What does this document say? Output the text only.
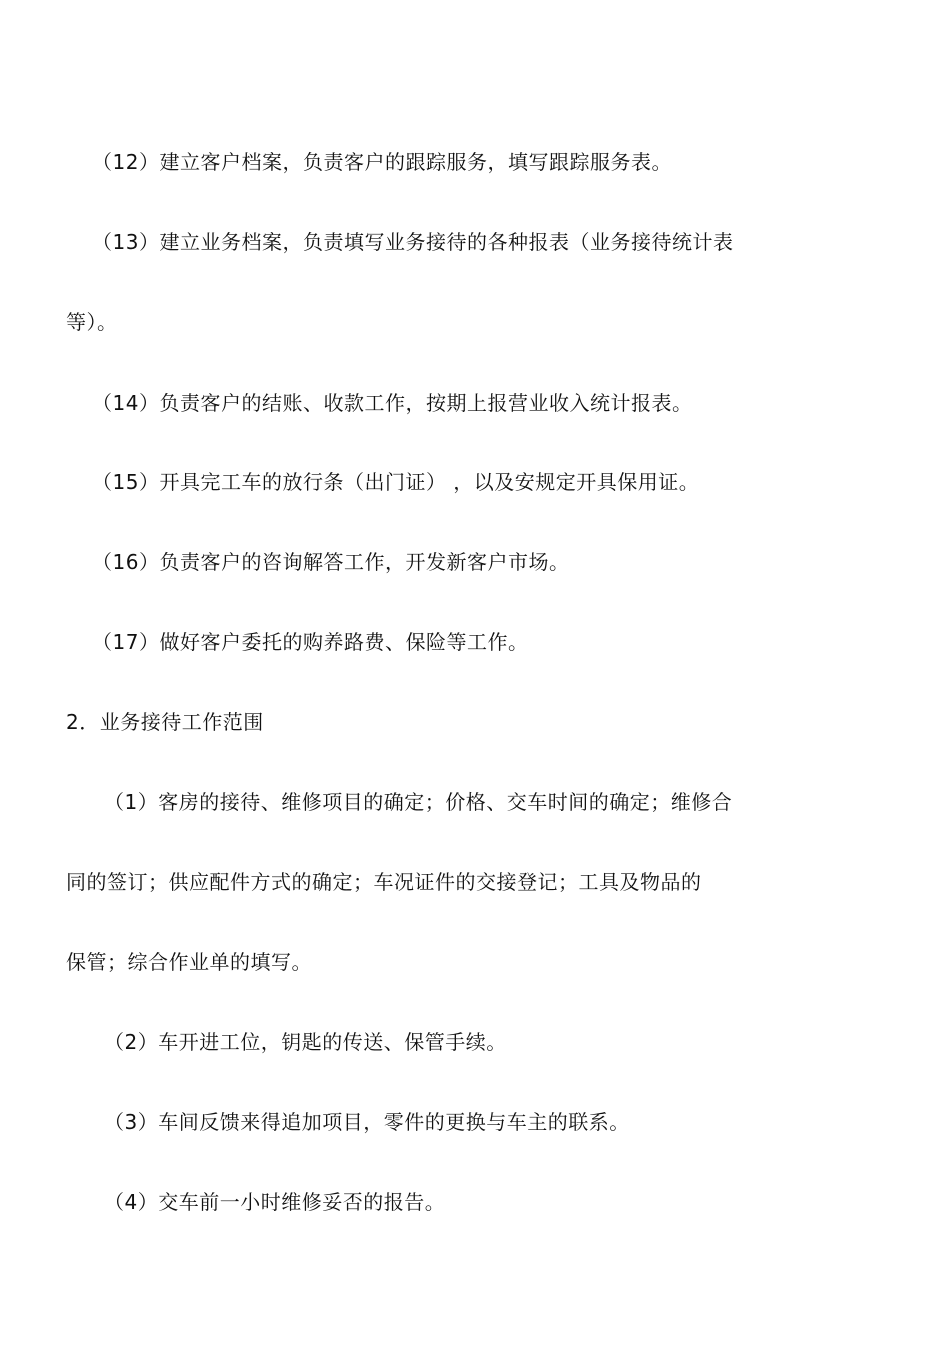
（12）建立客户档案，负责客户的跟踪服务，填写跟踪服务表。
（13）建立业务档案，负责填写业务接待的各种报表（业务接待统计表
等）。
（14）负责客户的结账、收款工作，按期上报营业收入统计报表。
（15）开具完工车的放行条（出门证） ，以及安规定开具保用证。
（16）负责客户的咨询解答工作，开发新客户市场。
（17）做好客户委托的购养路费、保险等工作。
2．业务接待工作范围
（1）客房的接待、维修项目的确定；价格、交车时间的确定；维修合
同的签订；供应配件方式的确定；车况证件的交接登记；工具及物品的
保管；综合作业单的填写。
（2）车开进工位，钥匙的传送、保管手续。
（3）车间反馈来得追加项目，零件的更换与车主的联系。
（4）交车前一小时维修妥否的报告。
